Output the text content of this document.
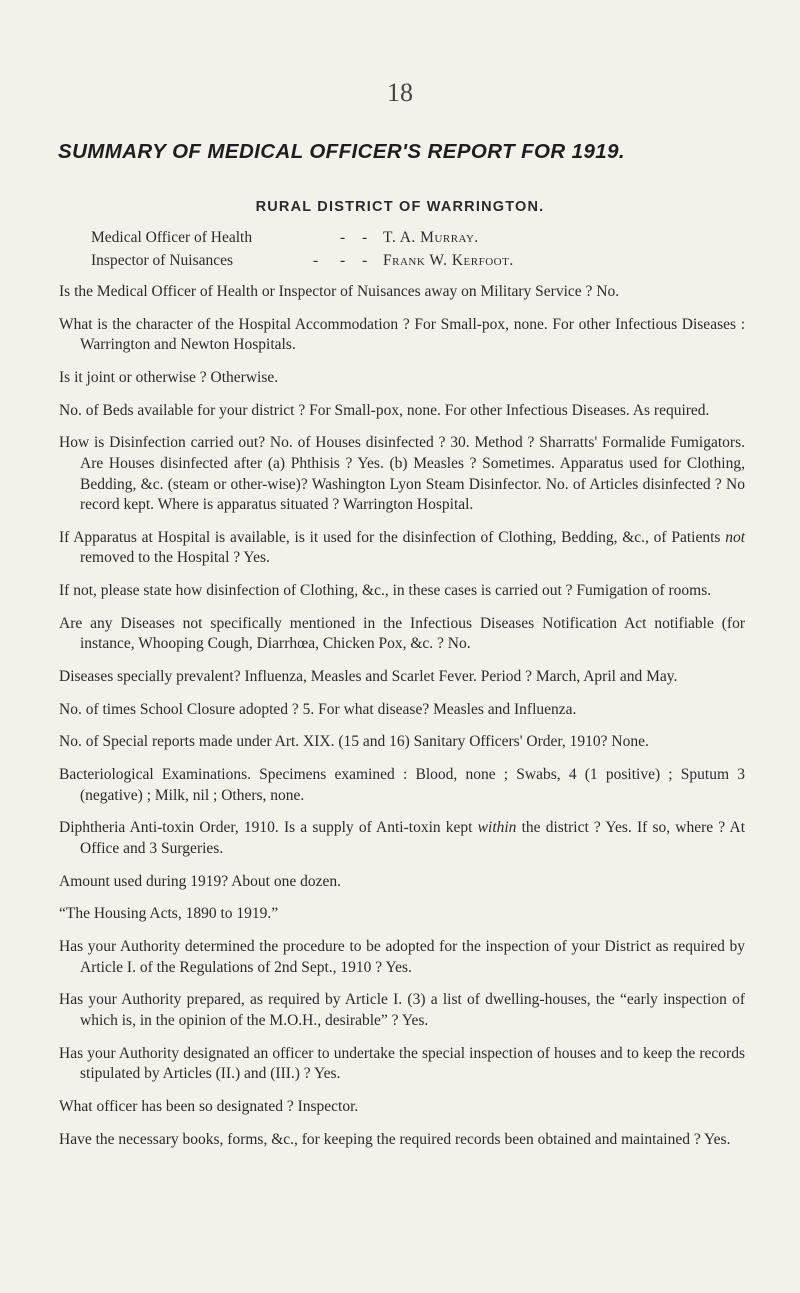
18
SUMMARY OF MEDICAL OFFICER'S REPORT FOR 1919.
RURAL DISTRICT OF WARRINGTON.
Medical Officer of Health	- - T. A. Murray.
Inspector of Nuisances	- - - Frank W. Kerfoot.

Is the Medical Officer of Health or Inspector of Nuisances away on Military Service ? No.

What is the character of the Hospital Accommodation ? For Small-pox, none. For other Infectious Diseases : Warrington and Newton Hospitals.

Is it joint or otherwise ? Otherwise.

No. of Beds available for your district ? For Small-pox, none. For other Infectious Diseases. As required.

How is Disinfection carried out? No. of Houses disinfected ? 30. Method ? Sharratts' Formalide Fumigators. Are Houses disinfected after (a) Phthisis ? Yes. (b) Measles ? Sometimes. Apparatus used for Clothing, Bedding, &c. (steam or other-wise)? Washington Lyon Steam Disinfector. No. of Articles disinfected ? No record kept. Where is apparatus situated ? Warrington Hospital.

If Apparatus at Hospital is available, is it used for the disinfection of Clothing, Bedding, &c., of Patients not removed to the Hospital ? Yes.

If not, please state how disinfection of Clothing, &c., in these cases is carried out ? Fumigation of rooms.

Are any Diseases not specifically mentioned in the Infectious Diseases Notification Act notifiable (for instance, Whooping Cough, Diarrhœa, Chicken Pox, &c. ? No.

Diseases specially prevalent? Influenza, Measles and Scarlet Fever. Period ? March, April and May.

No. of times School Closure adopted ? 5. For what disease? Measles and Influenza.

No. of Special reports made under Art. XIX. (15 and 16) Sanitary Officers' Order, 1910? None.

Bacteriological Examinations. Specimens examined : Blood, none ; Swabs, 4 (1 positive) ; Sputum 3 (negative) ; Milk, nil ; Others, none.

Diphtheria Anti-toxin Order, 1910. Is a supply of Anti-toxin kept within the district ? Yes. If so, where ? At Office and 3 Surgeries.

Amount used during 1919? About one dozen.

“The Housing Acts, 1890 to 1919.”

Has your Authority determined the procedure to be adopted for the inspection of your District as required by Article I. of the Regulations of 2nd Sept., 1910 ? Yes.

Has your Authority prepared, as required by Article I. (3) a list of dwelling-houses, the “early inspection of which is, in the opinion of the M.O.H., desirable” ? Yes.

Has your Authority designated an officer to undertake the special inspection of houses and to keep the records stipulated by Articles (II.) and (III.) ? Yes.

What officer has been so designated ? Inspector.

Have the necessary books, forms, &c., for keeping the required records been obtained and maintained ? Yes.
